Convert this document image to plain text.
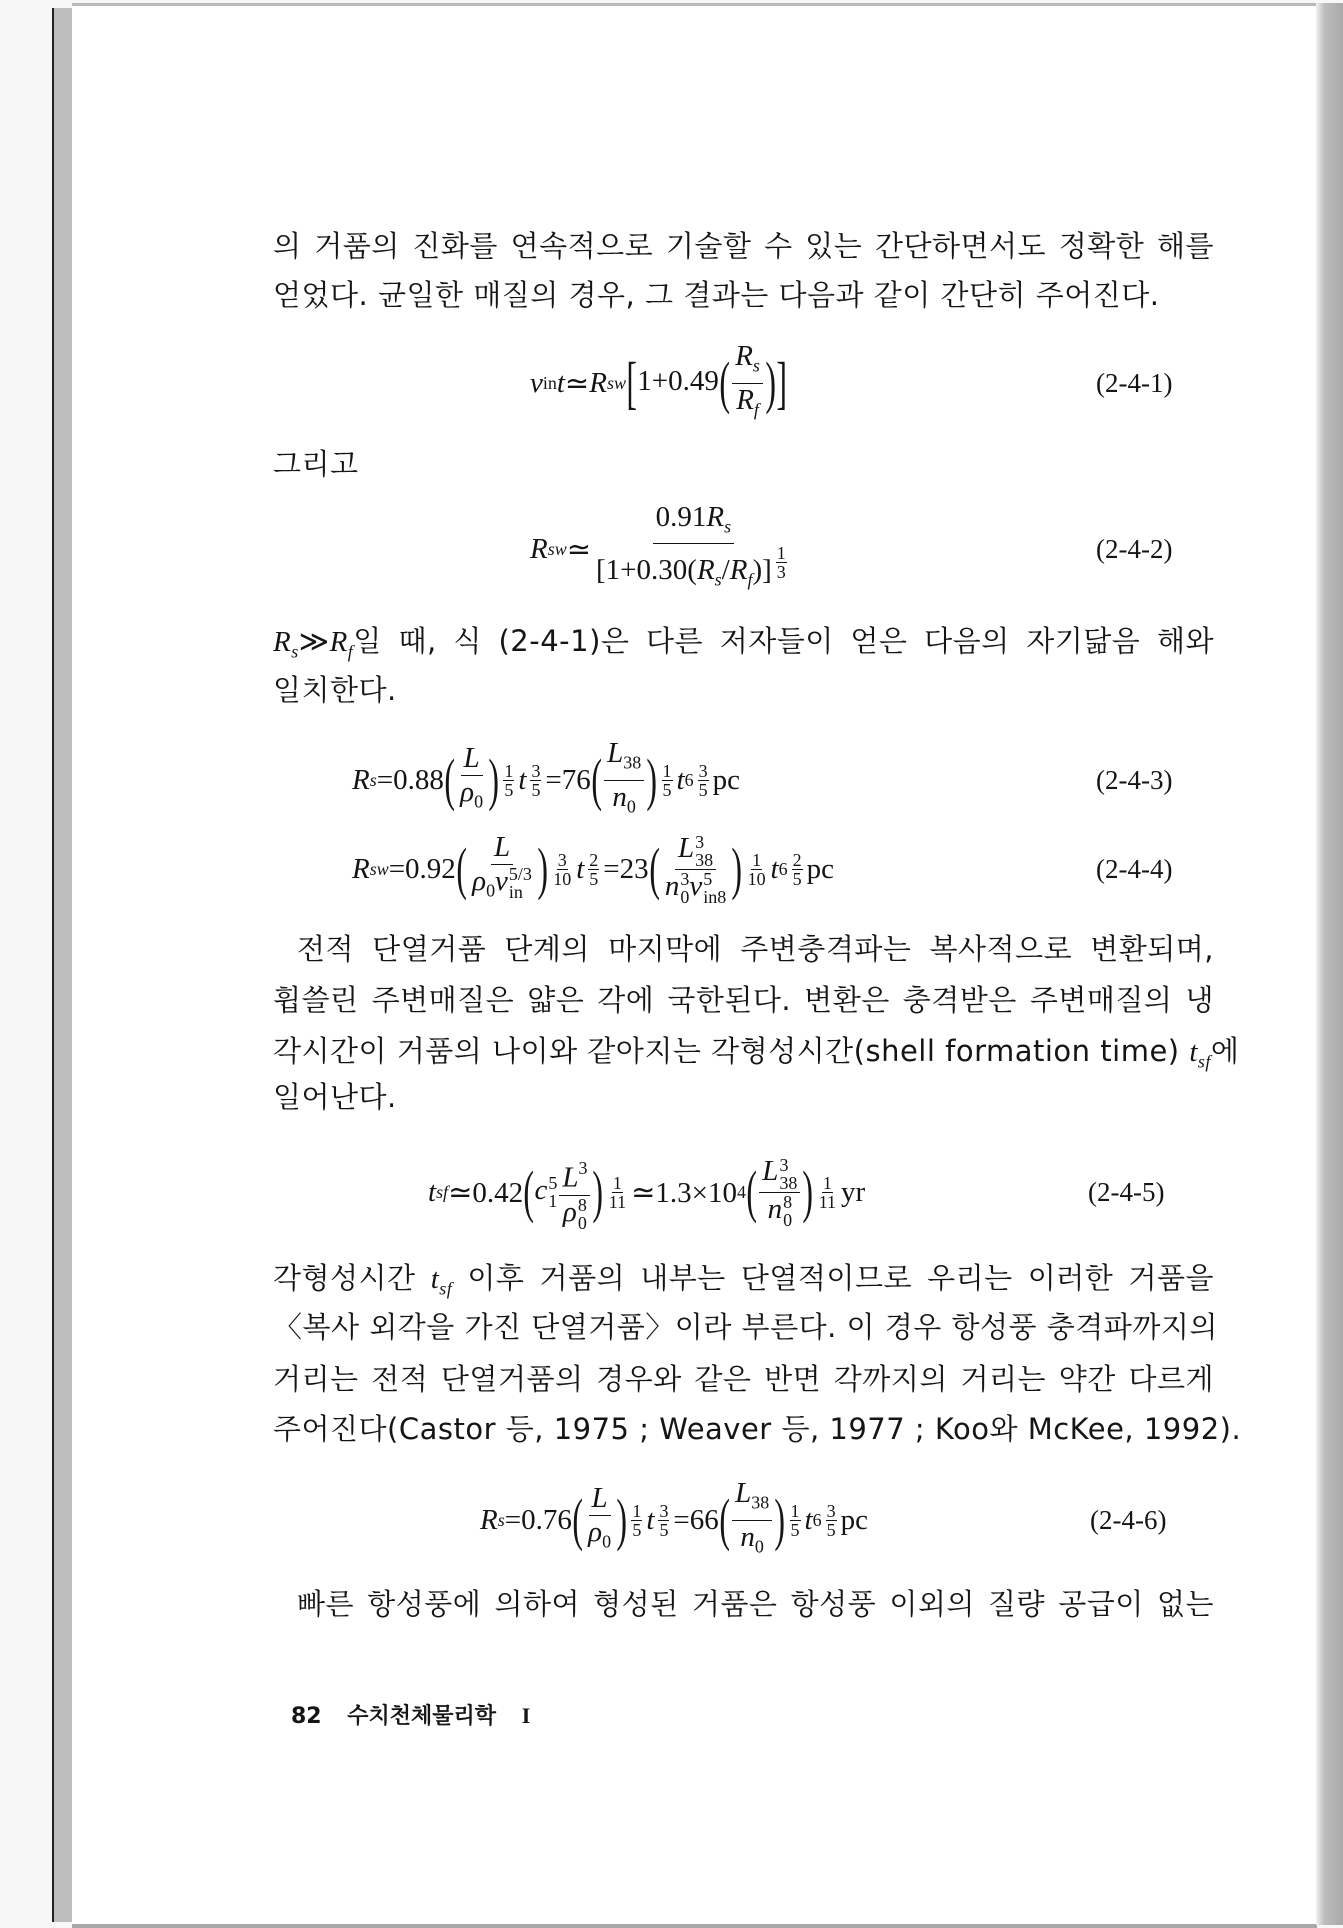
의 거품의 진화를 연속적으로 기술할 수 있는 간단하면서도 정확한 해를
얻었다. 균일한 매질의 경우, 그 결과는 다음과 같이 간단히 주어진다.
그리고
$R_s≫R_f$일 때, 식 (2-4-1)은 다른 저자들이 얻은 다음의 자기닮음 해와
일치한다.
전적 단열거품 단계의 마지막에 주변충격파는 복사적으로 변환되며,
휩쓸린 주변매질은 얇은 각에 국한된다. 변환은 충격받은 주변매질의 냉
각시간이 거품의 나이와 같아지는 각형성시간(shell formation time) $t_{sf}$에
일어난다.
각형성시간 $t_{sf}$ 이후 거품의 내부는 단열적이므로 우리는 이러한 거품을
〈복사 외각을 가진 단열거품〉이라 부른다. 이 경우 항성풍 충격파까지의
거리는 전적 단열거품의 경우와 같은 반면 각까지의 거리는 약간 다르게
주어진다(Castor 등, 1975 ; Weaver 등, 1977 ; Koo와 McKee, 1992).
빠른 항성풍에 의하여 형성된 거품은 항성풍 이외의 질량 공급이 없는
v in t ≃ R sw [$1+0.49( \frac{R_s}{R_f}$ )]	(2-4-1)
R sw ≃ $0.91R_s$
$[1+0.30(R_s/R_f)]$ $^{\frac{1}{3}}$	(2-4-2)
R s =0.88 ( $\frac{L}{\rho_0}$ ) $\frac{1}{5}$ t $\frac{3}{5} =76$ ( $\frac{L_{38}}{n_0}$ ) $\frac{1}{5}$ t $6 \frac{3}{5}$ pc	(2-4-3)
R sw =0.92 ( L
$\rho_0v$ 5/3
in ) $\frac{3}{10}$ t $\frac{2}{5} =23$ ( L 3
38
n 3
0 v 5
in8 ) $\frac{1}{10}$ t $6 \frac{2}{5}$ pc	(2-4-4)
t sf ≃0.42 (c 5
1 $L^3$
ρ 8
0 ) $\frac{1}{11}$ ≃1.3×10 4 ( L 3
38
n 8
0 ) $\frac{1}{11}$ yr	(2-4-5)
R s =0.76 ( $\frac{L}{\rho_0}$ ) $\frac{1}{5}$ t $\frac{3}{5} =66$ ( $\frac{L_{38}}{n_0}$ ) $\frac{1}{5}$ t $6 \frac{3}{5}$ pc	(2-4-6)
82 수치천체물리학 I
